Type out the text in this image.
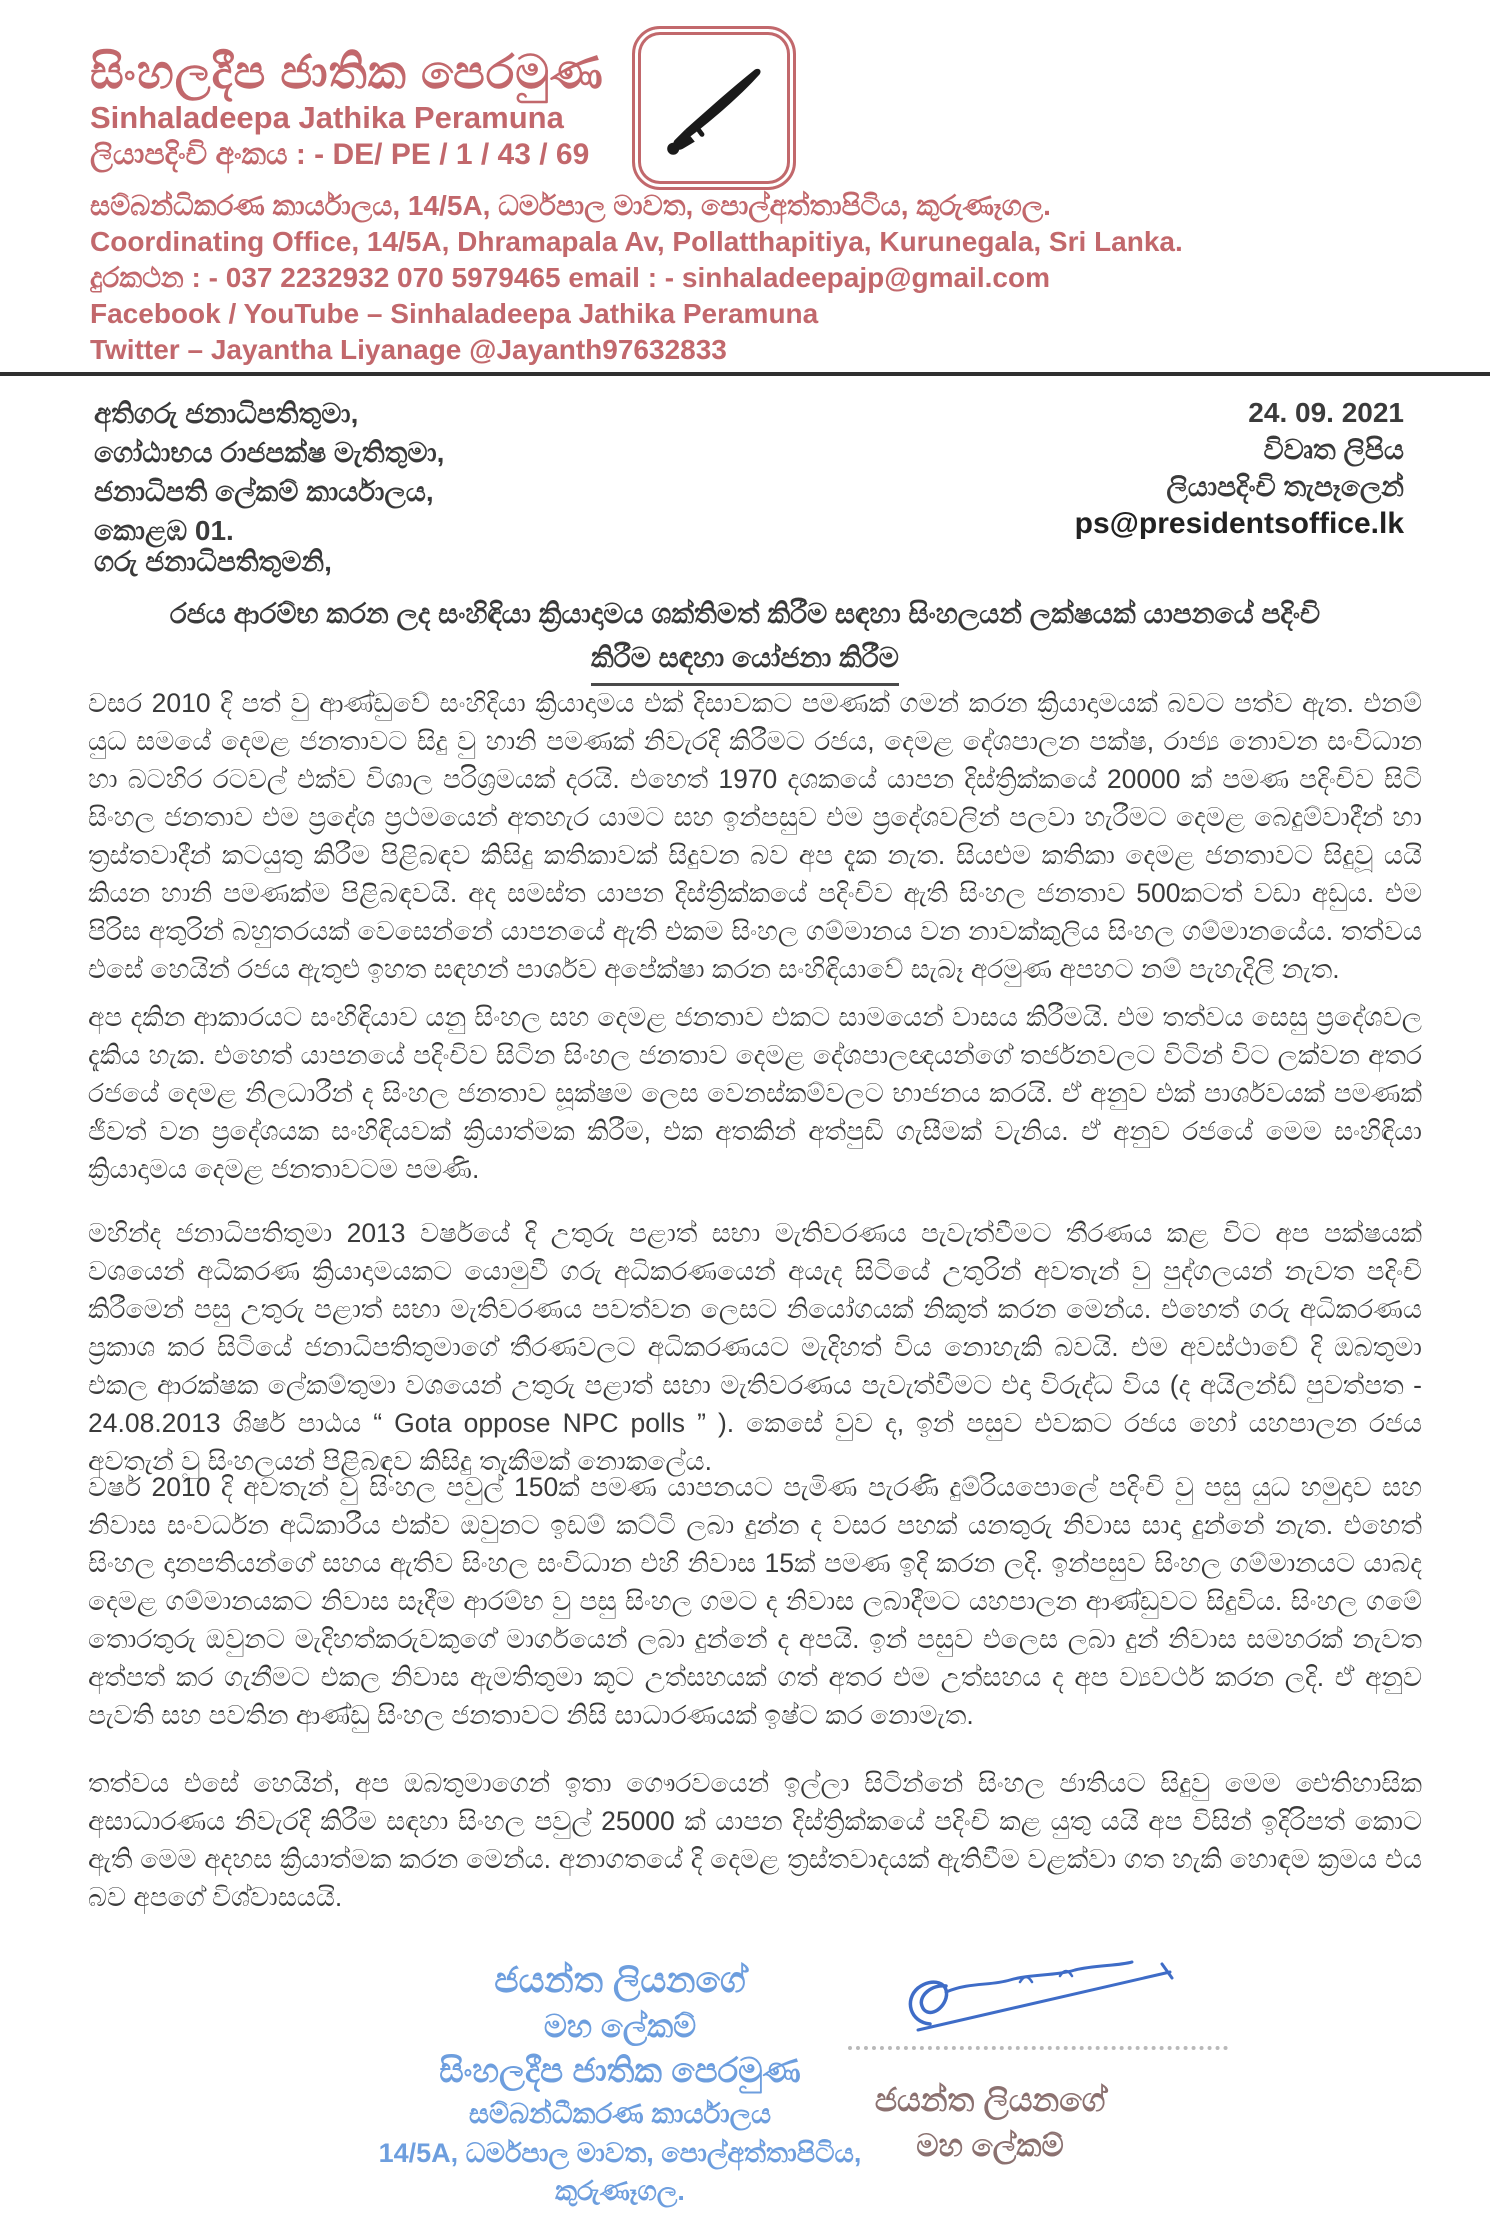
සිංහලදීප ජාතික පෙරමුණ
Sinhaladeepa Jathika Peramuna
ලියාපදිංචි අංකය : - DE/ PE / 1 / 43 / 69
සම්බන්ධිකරණ කාර්යාලය, 14/5A, ධර්මපාල මාවත, පොල්අත්තාපිටිය, කුරුණෑගල.
Coordinating Office, 14/5A, Dhramapala Av, Pollatthapitiya, Kurunegala, Sri Lanka.
දුරකථන : - 037 2232932 070 5979465 email : - sinhaladeepajp@gmail.com
Facebook / YouTube – Sinhaladeepa Jathika Peramuna
Twitter – Jayantha Liyanage @Jayanth97632833
අතිගරු ජනාධිපතිතුමා,
ගෝඨාභය රාජපක්ෂ මැතිතුමා,
ජනාධිපති ලේකම් කාර්යාලය,
කොළඹ 01.
24. 09. 2021
විවෘත ලිපිය
ලියාපදිංචි තැපෑලෙන්
ps@presidentsoffice.lk
ගරු ජනාධිපතිතුමනි,
රජය ආරම්භ කරන ලද සංහිඳියා ක්‍රියාදාමය ශක්තිමත් කිරීම සඳහා සිංහලයන් ලක්ෂයක් යාපනයේ පදිංචි
කිරීම සඳහා යෝජනා කිරීම
වසර 2010 දි පත් වු ආණ්ඩුවේ සංහිදියා ක්‍රියාදාමය එක් දිසාවකට පමණක් ගමන් කරන ක්‍රියාදාමයක් බවට පත්ව ඇත. එනම් යුධ සමයේ දෙමළ ජනතාවට සිදු වු හානි පමණක් නිවැරදි කිරීමට රජය, දෙමළ දේශපාලන පක්ෂ, රාජ්‍ය නොවන සංවිධාන හා බටහිර රටවල් එක්ව විශාල පරිශ්‍රමයක් දරයි. එහෙත් 1970 දශකයේ යාපන දිස්ත්‍රික්කයේ 20000 ක් පමණ පදිංචිව සිටි සිංහල ජනතාව එම ප්‍රදේශ ප්‍රථමයෙන් අතහැර යාමට සහ ඉන්පසුව එම ප්‍රදේශවලින් පලවා හැරීමට දෙමළ බෙදුම්වාදීන් හා ත්‍රස්තවාදීන් කටයුතු කිරීම පිළිබඳව කිසිදු කතිකාවක් සිදුවන බව අප දැක නැත. සියළුම කතිකා දෙමළ ජනතාවට සිදුවූ යයි කියන හානි පමණක්ම පිළිබඳවයි. අද සමස්ත යාපන දිස්ත්‍රික්කයේ පදිංචිව ඇති සිංහල ජනතාව 500කටත් වඩා අඩුය. එම පිරිස අතුරින් බහුතරයක් වෙසෙන්නේ යාපනයේ ඇති එකම සිංහල ගම්මානය වන නාවක්කුලිය සිංහල ගම්මානයේය. තත්වය එසේ හෙයින් රජය ඇතුළු ඉහත සඳහන් පාර්ශව අපේක්ෂා කරන සංහිඳියාවේ සැබෑ අරමුණ අපහට නම් පැහැදිලි නැත.
අප දකින ආකාරයට සංහිඳියාව යනු සිංහල සහ දෙමළ ජනතාව එකට සාමයෙන් වාසය කිරීමයි. එම තත්වය සෙසු ප්‍රදේශවල දැකිය හැක. එහෙත් යාපනයේ පදිංචිව සිටින සිංහල ජනතාව දෙමළ දේශපාලඥයන්ගේ තර්ජනවලට විටින් විට ලක්වන අතර රජයේ දෙමළ නිලධාරීන් ද සිංහල ජනතාව සූක්ෂම ලෙස වෙනස්කම්වලට භාජනය කරයි. ඒ අනුව එක් පාර්ශවයක් පමණක් ජීවත් වන ප්‍රදේශයක සංහිඳියවක් ක්‍රියාත්මක කිරීම, එක අතකින් අත්පුඩි ගැසීමක් වැනිය. ඒ අනුව රජයේ මෙම සංහිඳියා ක්‍රියාදාමය දෙමළ ජනතාවටම පමණි.
මහින්ද ජනාධිපතිතුමා 2013 වර්ෂයේ දි උතුරු පළාත් සභා මැතිවරණය පැවැත්වීමට තීරණය කළ විට අප පක්ෂයක් වශයෙන් අධිකරණ ක්‍රියාදාමයකට යොමුවී ගරු අධිකරණයෙන් අයැද සිටියේ උතුරින් අවතැන් වු පුද්ගලයන් නැවත පදිංචි කිරීමෙන් පසු උතුරු පළාත් සභා මැතිවරණය පවත්වන ලෙසට නියෝගයක් නිකුත් කරන මෙන්ය. එහෙත් ගරු අධිකරණය ප්‍රකාශ කර සිටියේ ජනාධිපතිතුමාගේ තීරණවලට අධිකරණයට මැදිහත් විය නොහැකි බවයි. එම අවස්ථාවේ දි ඔබතුමා එකල ආරක්ෂක ලේකම්තුමා වශයෙන් උතුරු පළාත් සභා මැතිවරණය පැවැත්වීමට එදා විරුද්ධ විය (ද අයිලන්ඩ් පුවත්පත - 24.08.2013 ශිර්ෂ පාඨය “ Gota oppose NPC polls ” ). කෙසේ වුව ද, ඉන් පසුව එවකට රජය හෝ යහපාලන රජය අවතැන් වු සිංහලයන් පිළිබඳව කිසිදු තැකීමක් නොකලේය.
වර්ෂ 2010 දි අවතැන් වු සිංහල පවුල් 150ක් පමණ යාපනයට පැමිණ පැරණි දුම්රියපොලේ පදිංචි වු පසු යුධ හමුදාව සහ නිවාස සංවර්ධන අධිකාරීය එක්ව ඔවුනට ඉඩම් කට්ටි ලබා දුන්න ද වසර පහක් යනතුරු නිවාස සාදා දුන්නේ නැත. එහෙත් සිංහල දානපතියන්ගේ සහය ඇතිව සිංහල සංවිධාන එහි නිවාස 15ක් පමණ ඉදි කරන ලදි. ඉන්පසුව සිංහල ගම්මානයට යාබද දෙමළ ගම්මානයකට නිවාස සෑදීම ආරම්භ වු පසු සිංහල ගමට ද නිවාස ලබාදීමට යහපාලන ආණ්ඩුවට සිදුවිය. සිංහල ගමේ තොරතුරු ඔවුනට මැදිහත්කරුවකුගේ මාර්ගයෙන් ලබා දුන්නේ ද අපයි. ඉන් පසුව එලෙස ලබා දුන් නිවාස සමහරක් නැවත අත්පත් කර ගැනීමට එකල නිවාස ඇමතිතුමා කූට උත්සහයක් ගත් අතර එම උත්සහය ද අප ව්‍යවර්ථ කරන ලදි. ඒ අනුව පැවති සහ පවතින ආණ්ඩු සිංහල ජනතාවට නිසි සාධාරණයක් ඉෂ්ට කර නොමැත.
තත්වය එසේ හෙයින්, අප ඔබතුමාගෙන් ඉතා ගෞරවයෙන් ඉල්ලා සිටින්නේ සිංහල ජාතියට සිදුවු මෙම ඓතිහාසික අසාධාරණය නිවැරදි කිරීම සඳහා සිංහල පවුල් 25000 ක් යාපන දිස්ත්‍රික්කයේ පදිංචි කළ යුතු යයි අප විසින් ඉදිරිපත් කොට ඇති මෙම අදහස ක්‍රියාත්මක කරන මෙන්ය. අනාගතයේ දි දෙමළ ත්‍රස්තවාදයක් ඇතිවීම වළක්වා ගත හැකි හොඳම ක්‍රමය එය බව අපගේ විශ්වාසයයි.
ජයන්ත ලියනගේ
මහ ලේකම්
සිංහලදීප ජාතික පෙරමුණ
සම්බන්ධීකරණ කාර්යාලය
14/5A, ධර්මපාල මාවත, පොල්අත්තාපිටිය,
කුරුණෑගල.
ජයන්ත ලියනගේ
මහ ලේකම්
